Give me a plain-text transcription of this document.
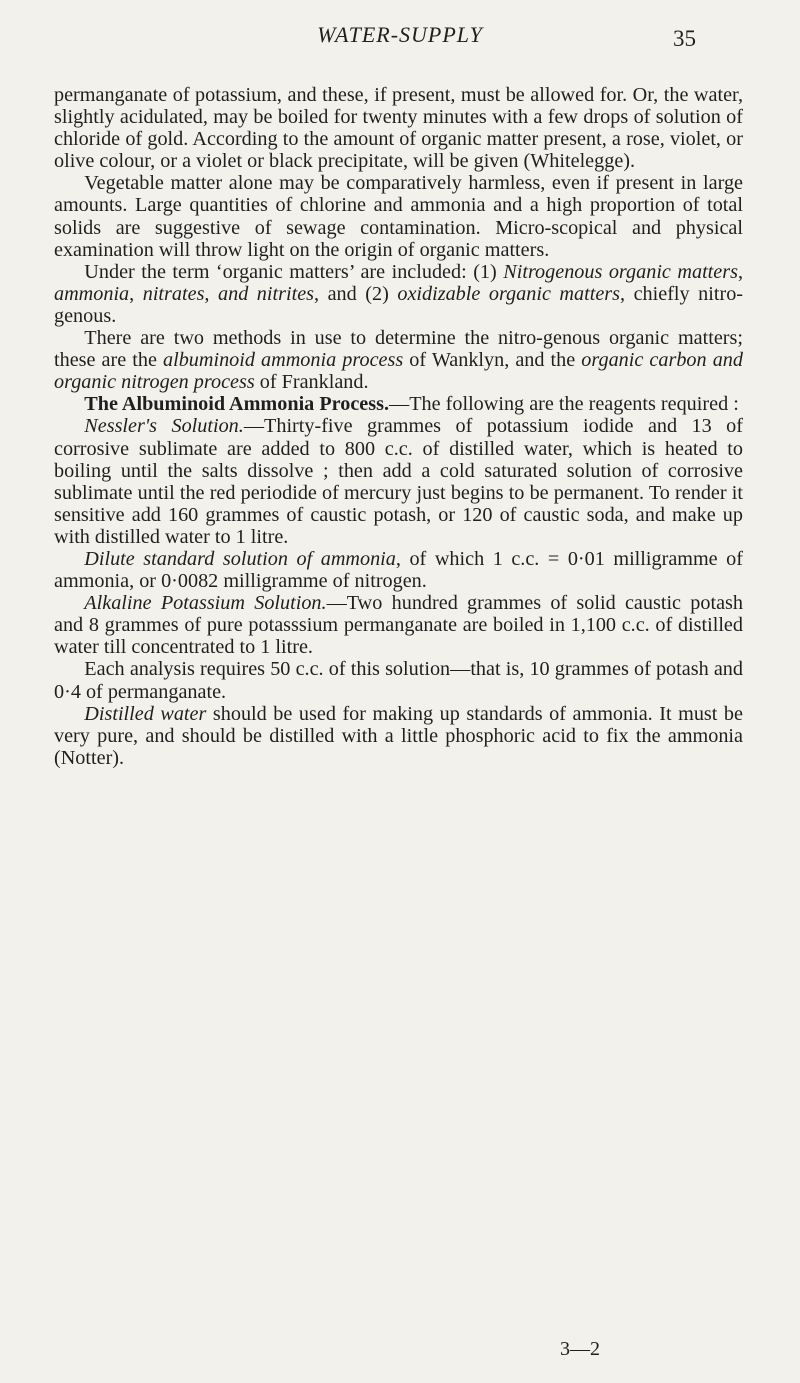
WATER-SUPPLY	35

permanganate of potassium, and these, if present, must be allowed for. Or, the water, slightly acidulated, may be boiled for twenty minutes with a few drops of solution of chloride of gold. According to the amount of organic matter present, a rose, violet, or olive colour, or a violet or black precipitate, will be given (Whitelegge).

Vegetable matter alone may be comparatively harmless, even if present in large amounts. Large quantities of chlorine and ammonia and a high proportion of total solids are suggestive of sewage contamination. Micro-scopical and physical examination will throw light on the origin of organic matters.

Under the term ‘organic matters’ are included: (1) Nitrogenous organic matters, ammonia, nitrates, and nitrites, and (2) oxidizable organic matters, chiefly nitro-genous.

There are two methods in use to determine the nitro-genous organic matters; these are the albuminoid ammonia process of Wanklyn, and the organic carbon and organic nitrogen process of Frankland.

The Albuminoid Ammonia Process.—The following are the reagents required :

Nessler's Solution.—Thirty-five grammes of potassium iodide and 13 of corrosive sublimate are added to 800 c.c. of distilled water, which is heated to boiling until the salts dissolve ; then add a cold saturated solution of corrosive sublimate until the red periodide of mercury just begins to be permanent. To render it sensitive add 160 grammes of caustic potash, or 120 of caustic soda, and make up with distilled water to 1 litre.

Dilute standard solution of ammonia, of which 1 c.c. = 0·01 milligramme of ammonia, or 0·0082 milligramme of nitrogen.

Alkaline Potassium Solution.—Two hundred grammes of solid caustic potash and 8 grammes of pure potasssium permanganate are boiled in 1,100 c.c. of distilled water till concentrated to 1 litre.

Each analysis requires 50 c.c. of this solution—that is, 10 grammes of potash and 0·4 of permanganate.

Distilled water should be used for making up standards of ammonia. It must be very pure, and should be distilled with a little phosphoric acid to fix the ammonia (Notter).

3—2
